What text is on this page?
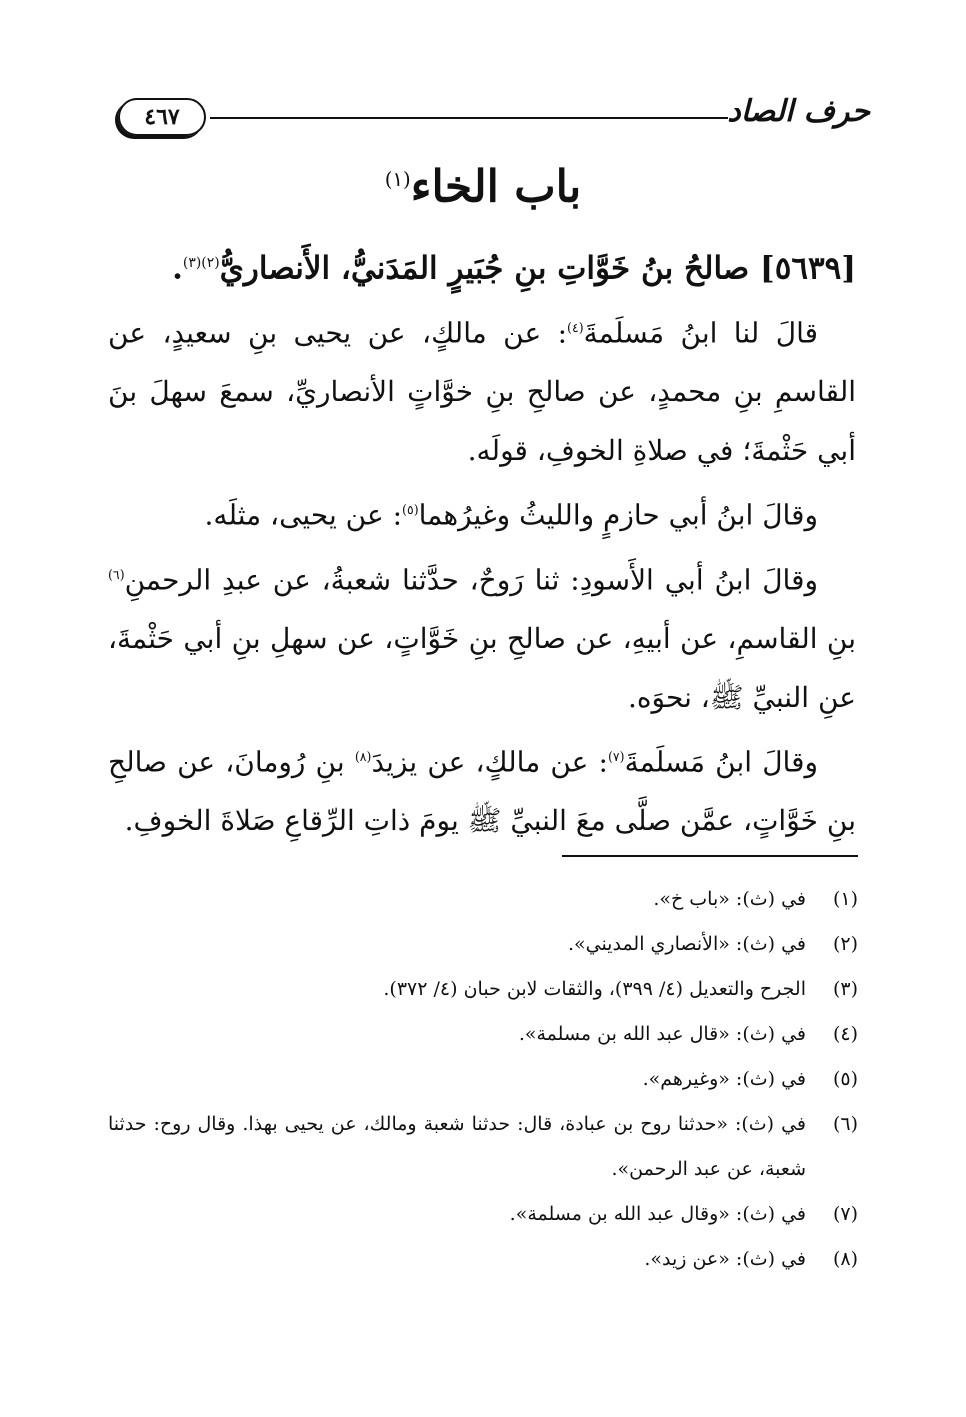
حرف الصاد
٤٦٧
باب الخاء$^{(١)}$
[٥٦٣٩] صالحُ بنُ خَوَّاتِ بنِ جُبَيرٍ المَدَنيُّ، الأَنصاريُّ$^{(٢)(٣)}$.

قالَ لنا ابنُ مَسلَمةَ$^{(٤)}$: عن مالكٍ، عن يحيى بنِ سعيدٍ، عن القاسمِ بنِ محمدٍ، عن صالحِ بنِ خوَّاتٍ الأنصاريِّ، سمعَ سهلَ بنَ أبي حَثْمةَ؛ في صلاةِ الخوفِ، قولَه.

وقالَ ابنُ أبي حازمٍ والليثُ وغيرُهما$^{(٥)}$: عن يحيى، مثلَه.

وقالَ ابنُ أبي الأَسودِ: ثنا رَوحٌ، حدَّثنا شعبةُ، عن عبدِ الرحمنِ$^{(٦)}$ بنِ القاسمِ، عن أبيهِ، عن صالحِ بنِ خَوَّاتٍ، عن سهلِ بنِ أبي حَثْمةَ، عنِ النبيِّ ﷺ، نحوَه.

وقالَ ابنُ مَسلَمةَ$^{(٧)}$: عن مالكٍ، عن يزيدَ$^{(٨)}$ بنِ رُومانَ، عن صالحِ بنِ خَوَّاتٍ، عمَّن صلَّى معَ النبيِّ ﷺ يومَ ذاتِ الرِّقاعِ صَلاةَ الخوفِ.

(١)
في (ث): «باب خ».
(٢)
في (ث): «الأنصاري المديني».
(٣)
الجرح والتعديل (٤/ ٣٩٩)، والثقات لابن حبان (٤/ ٣٧٢).
(٤)
في (ث): «قال عبد الله بن مسلمة».
(٥)
في (ث): «وغيرهم».
(٦)
في (ث): «حدثنا روح بن عبادة، قال: حدثنا شعبة ومالك، عن يحيى بهذا. وقال روح: حدثنا شعبة، عن عبد الرحمن».
(٧)
في (ث): «وقال عبد الله بن مسلمة».
(٨)
في (ث): «عن زيد».
